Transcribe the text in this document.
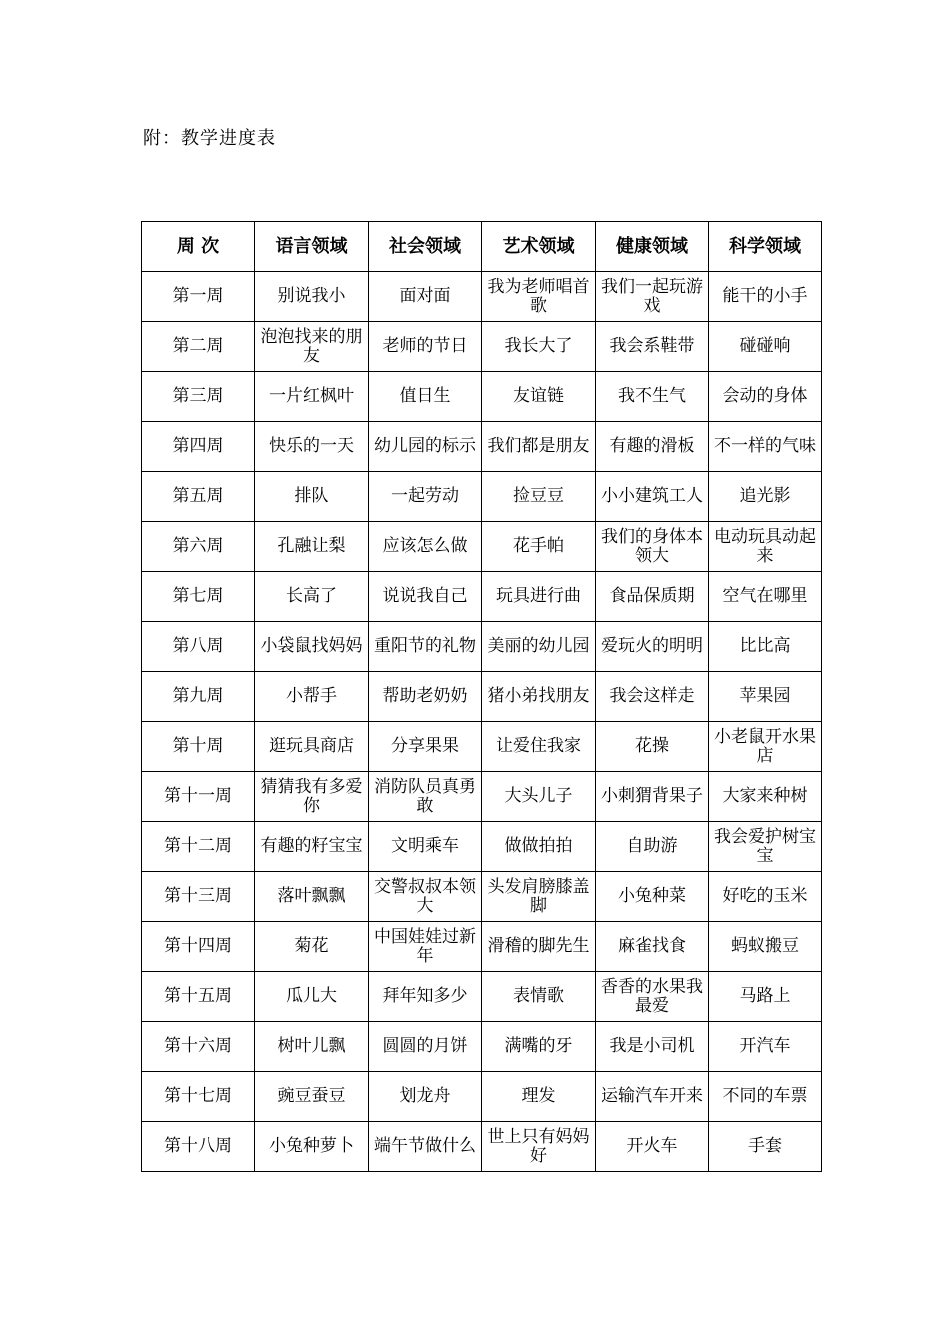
附：教学进度表
周 次	语言领域	社会领域	艺术领域	健康领域	科学领域
第一周	别说我小	面对面	我为老师唱首歌	我们一起玩游戏	能干的小手
第二周	泡泡找来的朋友	老师的节日	我长大了	我会系鞋带	碰碰响
第三周	一片红枫叶	值日生	友谊链	我不生气	会动的身体
第四周	快乐的一天	幼儿园的标示	我们都是朋友	有趣的滑板	不一样的气味
第五周	排队	一起劳动	捡豆豆	小小建筑工人	追光影
第六周	孔融让梨	应该怎么做	花手帕	我们的身体本领大	电动玩具动起来
第七周	长高了	说说我自己	玩具进行曲	食品保质期	空气在哪里
第八周	小袋鼠找妈妈	重阳节的礼物	美丽的幼儿园	爱玩火的明明	比比高
第九周	小帮手	帮助老奶奶	猪小弟找朋友	我会这样走	苹果园
第十周	逛玩具商店	分享果果	让爱住我家	花操	小老鼠开水果店
第十一周	猜猜我有多爱你	消防队员真勇敢	大头儿子	小刺猬背果子	大家来种树
第十二周	有趣的籽宝宝	文明乘车	做做拍拍	自助游	我会爱护树宝宝
第十三周	落叶飘飘	交警叔叔本领大	头发肩膀膝盖脚	小兔种菜	好吃的玉米
第十四周	菊花	中国娃娃过新年	滑稽的脚先生	麻雀找食	蚂蚁搬豆
第十五周	瓜儿大	拜年知多少	表情歌	香香的水果我最爱	马路上
第十六周	树叶儿飘	圆圆的月饼	满嘴的牙	我是小司机	开汽车
第十七周	豌豆蚕豆	划龙舟	理发	运输汽车开来	不同的车票
第十八周	小兔种萝卜	端午节做什么	世上只有妈妈好	开火车	手套
